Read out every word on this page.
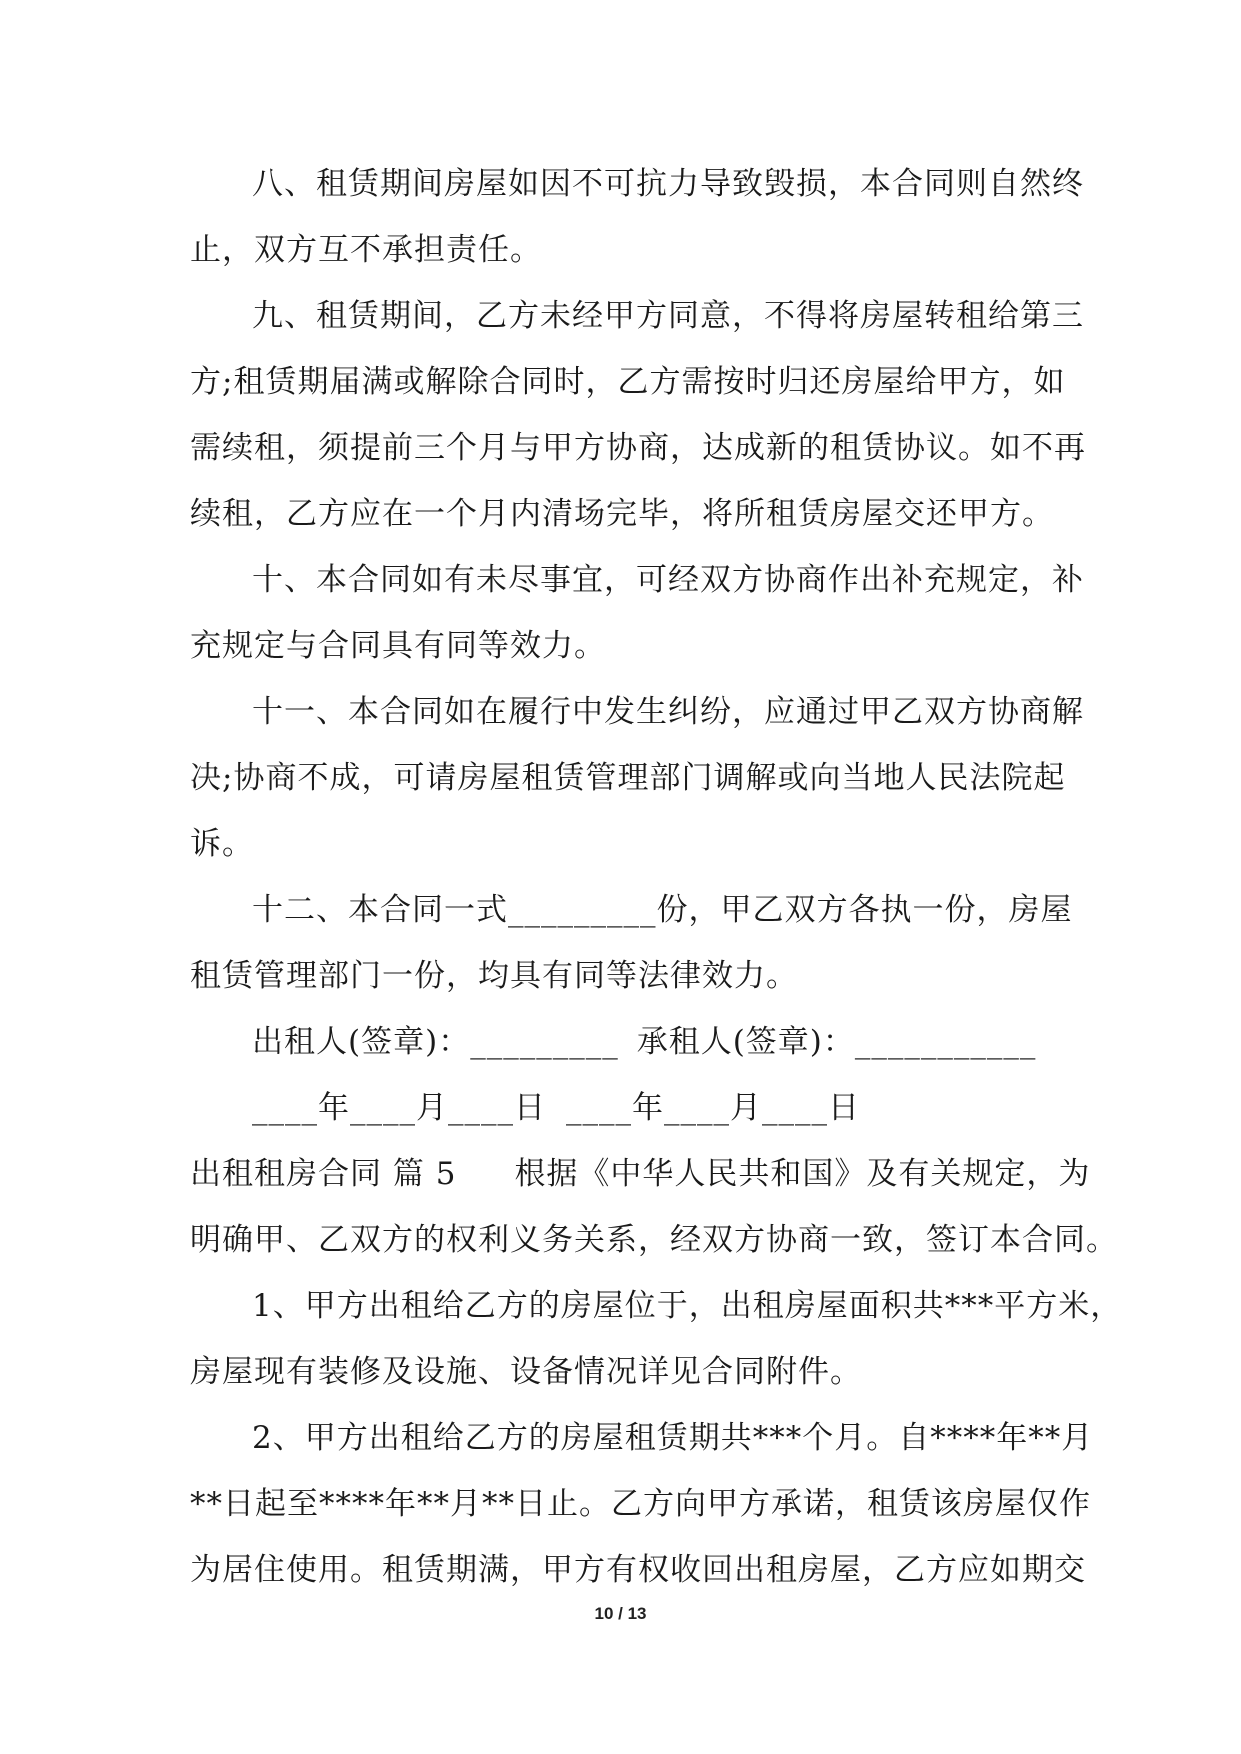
八、租赁期间房屋如因不可抗力导致毁损，本合同则自然终
止，双方互不承担责任。
九、租赁期间，乙方未经甲方同意，不得将房屋转租给第三
方;租赁期届满或解除合同时，乙方需按时归还房屋给甲方，如
需续租，须提前三个月与甲方协商，达成新的租赁协议。如不再
续租，乙方应在一个月内清场完毕，将所租赁房屋交还甲方。
十、本合同如有未尽事宜，可经双方协商作出补充规定，补
充规定与合同具有同等效力。
十一、本合同如在履行中发生纠纷，应通过甲乙双方协商解
决;协商不成，可请房屋租赁管理部门调解或向当地人民法院起
诉。
十二、本合同一式_________份，甲乙双方各执一份，房屋
租赁管理部门一份，均具有同等法律效力。
出租人(签章)：_________ 承租人(签章)：___________
____年____月____日 ____年____月____日
出租租房合同 篇 5 根据《中华人民共和国》及有关规定，为
明确甲、乙双方的权利义务关系，经双方协商一致，签订本合同。
1、甲方出租给乙方的房屋位于，出租房屋面积共***平方米，
房屋现有装修及设施、设备情况详见合同附件。
2、甲方出租给乙方的房屋租赁期共***个月。自****年**月
**日起至****年**月**日止。乙方向甲方承诺，租赁该房屋仅作
为居住使用。租赁期满，甲方有权收回出租房屋，乙方应如期交
10 / 13
